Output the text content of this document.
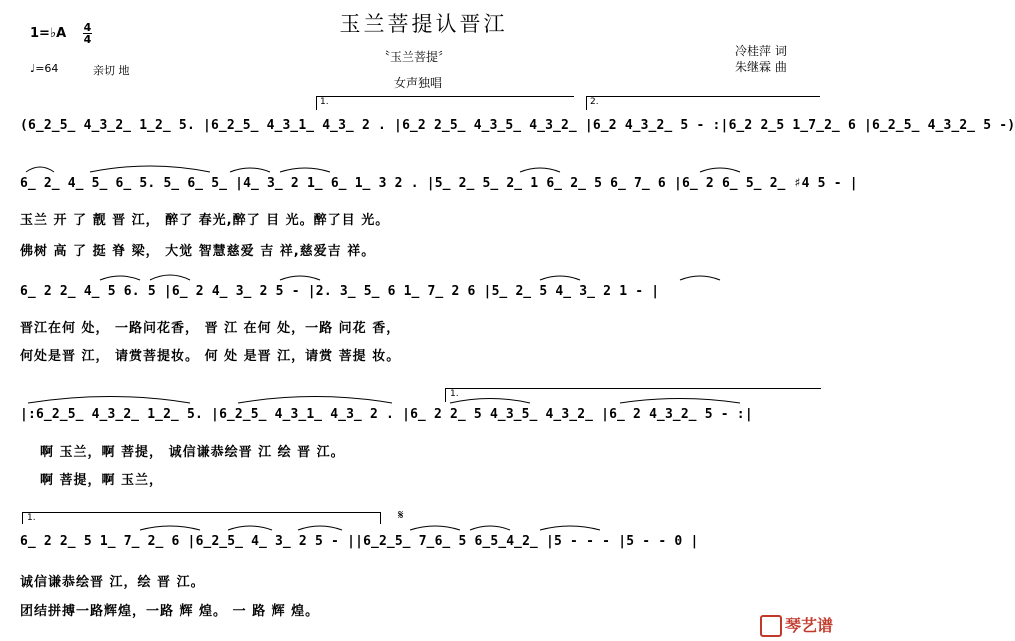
玉兰菩提认晋江
1=♭A 4
4
♩=64	亲切 地
〝玉兰菩提〞
女声独唱
冷桂萍 词
朱继霖 曲
1.	2.
(6̲2̲5̲ 4̲3̲2̲ 1̲2̲ 5. |6̲2̲5̲ 4̲3̲1̲ 4̲3̲ 2 . |6̲2 2̲5̲ 4̲3̲5̲ 4̲3̲2̲ |6̲2 4̲3̲2̲ 5 - :|6̲2 2̲5 1̲7̲2̲ 6 |6̲2̲5̲ 4̲3̲2̲ 5 -)
6̲ 2̲ 4̲ 5̲ 6̲ 5. 5̲ 6̲ 5̲ |4̲ 3̲ 2 1̲ 6̲ 1̲ 3 2 . |5̲ 2̲ 5̲ 2̲ 1 6̲ 2̲ 5 6̲ 7̲ 6 |6̲ 2 6̲ 5̲ 2̲ ♯4 5 - |
玉兰 开 了 靓 晋 江， 醉了 春光,醉了 目 光。醉了目 光。
佛树 高 了 挺 脊 梁， 大觉 智慧慈爱 吉 祥,慈爱吉 祥。
6̲ 2 2̲ 4̲ 5 6. 5 |6̲ 2 4̲ 3̲ 2 5 - |2. 3̲ 5̲ 6 1̲ 7̲ 2 6 |5̲ 2̲ 5 4̲ 3̲ 2 1 - |
晋江在何 处， 一路问花香， 晋 江 在何 处，一路 问花 香，
何处是晋 江， 请赏菩提妆。 何 处 是晋 江，请赏 菩提 妆。
1.
|:6̲2̲5̲ 4̲3̲2̲ 1̲2̲ 5. |6̲2̲5̲ 4̲3̲1̲ 4̲3̲ 2 . |6̲ 2 2̲ 5 4̲3̲5̲ 4̲3̲2̲ |6̲ 2 4̲3̲2̲ 5 - :|
啊 玉兰，啊 菩提， 诚信谦恭绘晋 江 绘 晋 江。
啊 菩提，啊 玉兰，
1.	𝄋
6̲ 2 2̲ 5 1̲ 7̲ 2̲ 6 |6̲2̲5̲ 4̲ 3̲ 2 5 - ||6̲2̲5̲ 7̲6̲ 5 6̲5̲4̲2̲ |5 - - - |5 - - 0 |
诚信谦恭绘晋 江，绘 晋 江。
团结拼搏一路辉煌，一路 辉 煌。 一 路 辉 煌。
琴艺谱
